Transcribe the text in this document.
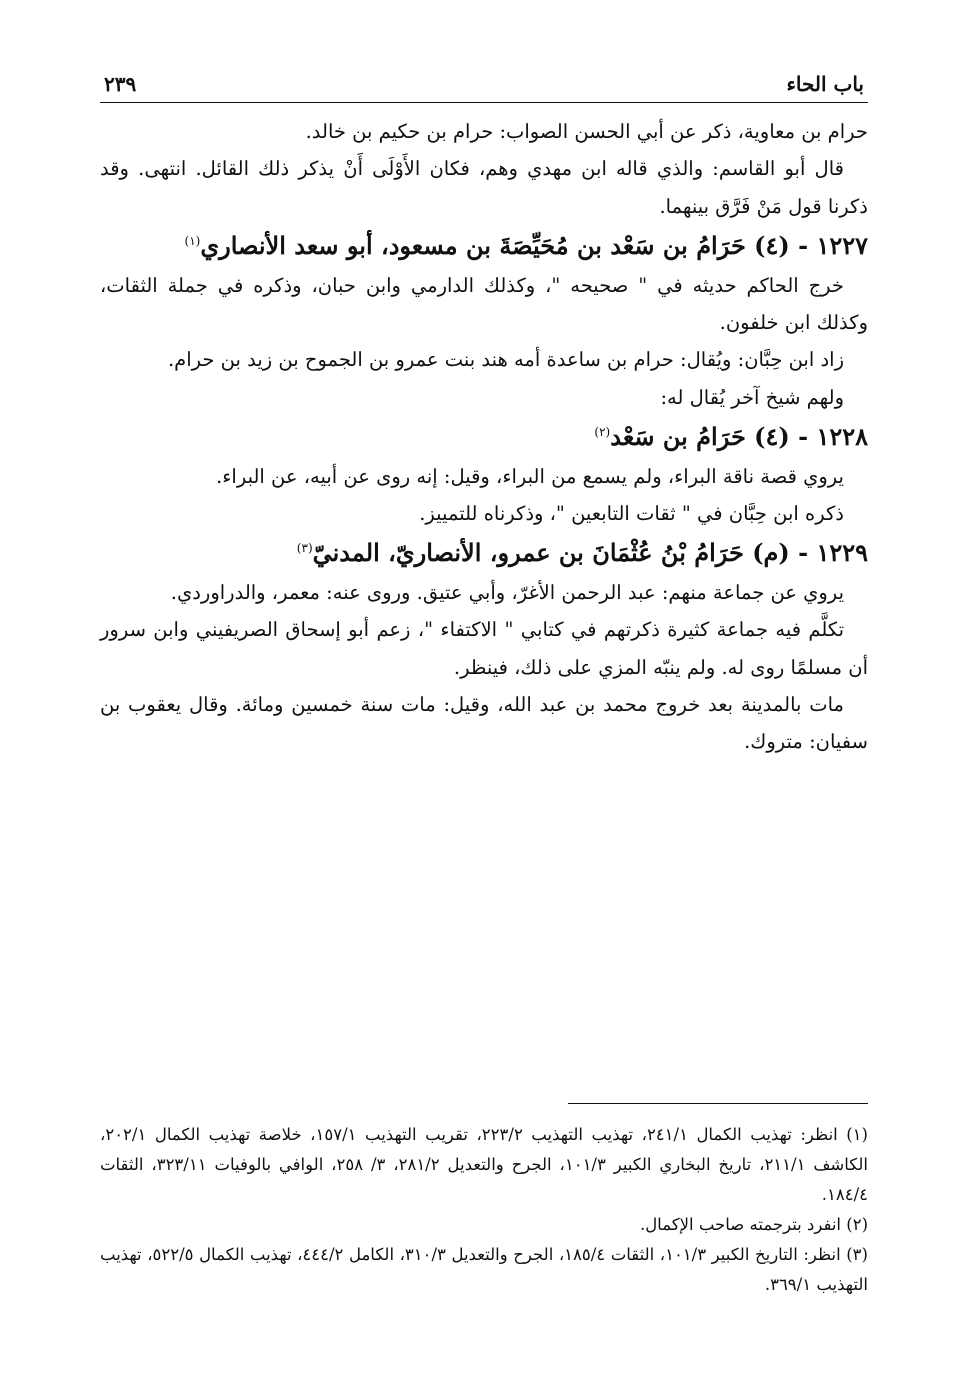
باب الحاء
٢٣٩

حرام بن معاوية، ذكر عن أبي الحسن الصواب: حرام بن حكيم بن خالد.

قال أبو القاسم: والذي قاله ابن مهدي وهم، فكان الأَوْلَى أَنْ يذكر ذلك القائل. انتهى. وقد ذكرنا قول مَنْ فَرَّق بينهما.

١٢٢٧ - (٤) حَرَامُ بن سَعْد بن مُحَيِّصَةَ بن مسعود، أبو سعد الأنصاري$^{(١)}$

خرج الحاكم حديثه في " صحيحه "، وكذلك الدارمي وابن حبان، وذكره في جملة الثقات، وكذلك ابن خلفون.

زاد ابن حِبَّان: ويُقال: حرام بن ساعدة أمه هند بنت عمرو بن الجموح بن زيد بن حرام.

ولهم شيخ آخر يُقال له:

١٢٢٨ - (٤) حَرَامُ بن سَعْد$^{(٢)}$

يروي قصة ناقة البراء، ولم يسمع من البراء، وقيل: إنه روى عن أبيه، عن البراء.

ذكره ابن حِبَّان في " ثقات التابعين "، وذكرناه للتمييز.

١٢٢٩ - (م) حَرَامُ بْنُ عُثْمَانَ بن عمرو، الأنصاريّ، المدنيّ$^{(٣)}$

يروي عن جماعة منهم: عبد الرحمن الأغرّ، وأبي عتيق. وروى عنه: معمر، والدراوردي.

تكلَّم فيه جماعة كثيرة ذكرتهم في كتابي " الاكتفاء "، زعم أبو إسحاق الصريفيني وابن سرور أن مسلمًا روى له. ولم ينبّه المزي على ذلك، فينظر.

مات بالمدينة بعد خروج محمد بن عبد الله، وقيل: مات سنة خمسين ومائة. وقال يعقوب بن سفيان: متروك.

(١) انظر: تهذيب الكمال ٢٤١/١، تهذيب التهذيب ٢٢٣/٢، تقريب التهذيب ١٥٧/١، خلاصة تهذيب الكمال ٢٠٢/١، الكاشف ٢١١/١، تاريخ البخاري الكبير ١٠١/٣، الجرح والتعديل ٢٨١/٢، ٣/ ٢٥٨، الوافي بالوفيات ٣٢٣/١١، الثقات ١٨٤/٤.

(٢) انفرد بترجمته صاحب الإكمال.

(٣) انظر: التاريخ الكبير ١٠١/٣، الثقات ١٨٥/٤، الجرح والتعديل ٣١٠/٣، الكامل ٤٤٤/٢، تهذيب الكمال ٥٢٢/٥، تهذيب التهذيب ٣٦٩/١.
